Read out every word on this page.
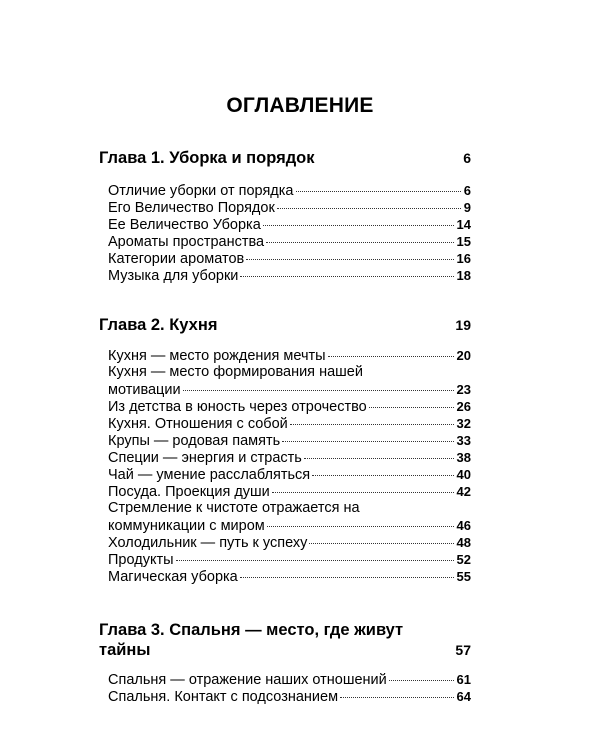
ОГЛАВЛЕНИЕ
Глава 1. Уборка и порядок	6
Отличие уборки от порядка	6
Его Величество Порядок	9
Ее Величество Уборка	14
Ароматы пространства	15
Категории ароматов	16
Музыка для уборки	18
Глава 2. Кухня	19
Кухня — место рождения мечты	20
Кухня — место формирования нашей
мотивации	23
Из детства в юность через отрочество	26
Кухня. Отношения с собой	32
Крупы — родовая память	33
Специи — энергия и страсть	38
Чай — умение расслабляться	40
Посуда. Проекция души	42
Стремление к чистоте отражается на
коммуникации с миром	46
Холодильник — путь к успеху	48
Продукты	52
Магическая уборка	55
Глава 3. Спальня — место, где живут
тайны	57
Спальня — отражение наших отношений	61
Спальня. Контакт с подсознанием	64
